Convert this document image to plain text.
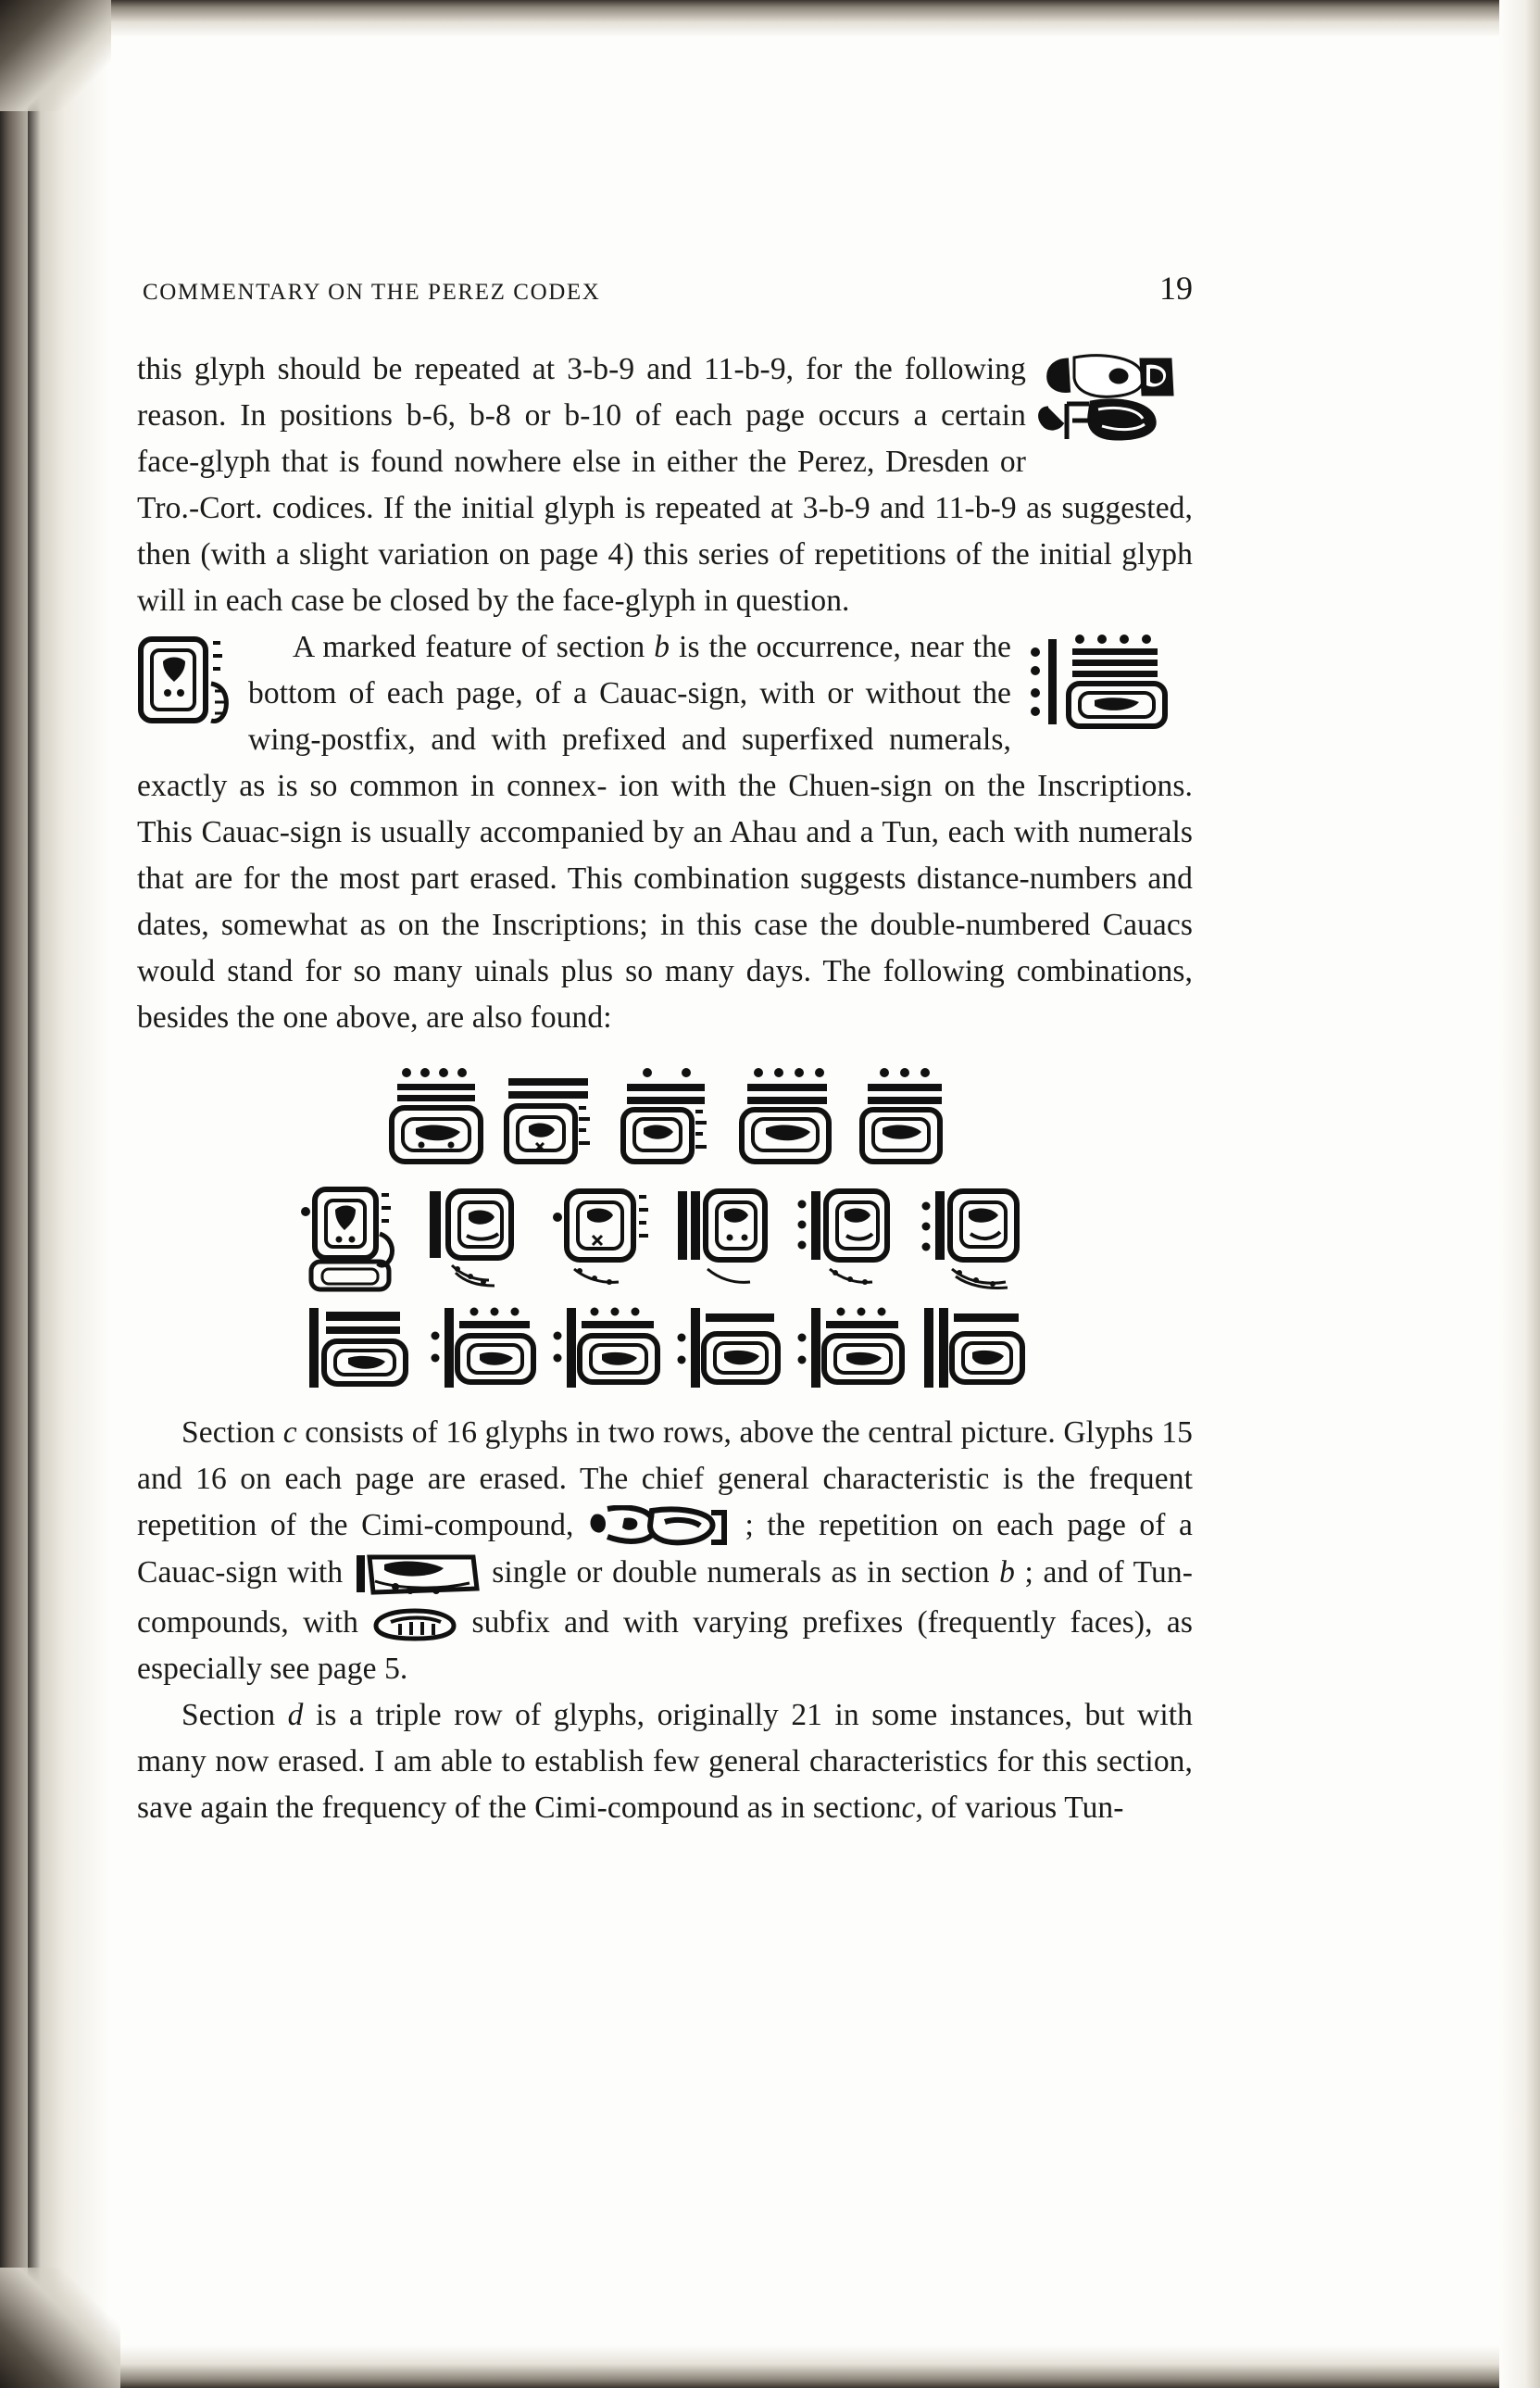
COMMENTARY ON THE PEREZ CODEX	19

this glyph should be repeated at 3-b-9 and 11-b-9, for the following reason. In positions b-6, b-8 or b-10 of each page occurs a certain face-glyph that is found nowhere else in either the Perez, Dresden or Tro.-Cort. codices. If the initial glyph is repeated at 3-b-9 and 11-b-9 as suggested, then (with a slight variation on page 4) this series of repetitions of the initial glyph will in each case be closed by the face-glyph in question.

A marked feature of section b is the occurrence, near the bottom of each page, of a Cauac-sign, with or without the wing-postfix, and with prefixed and superfixed numerals, exactly as is so common in connex- ion with the Chuen-sign on the Inscriptions. This Cauac-sign is usually accompanied by an Ahau and a Tun, each with numerals that are for the most part erased. This combination suggests distance-numbers and dates, somewhat as on the Inscriptions; in this case the double-numbered Cauacs would stand for so many uinals plus so many days. The following combinations, besides the one above, are also found:

Section c consists of 16 glyphs in two rows, above the central picture. Glyphs 15 and 16 on each page are erased. The chief general characteristic is the frequent repetition of the Cimi-compound,	; the repetition on each page of a Cauac-sign with	single or double numerals as in section b ; and of Tun-compounds, with	subfix and with varying prefixes (frequently faces), as especially see page 5.

Section d is a triple row of glyphs, originally 21 in some instances, but with many now erased. I am able to establish few general characteristics for this section, save again the frequency of the Cimi-compound as in sectionc, of various Tun-
